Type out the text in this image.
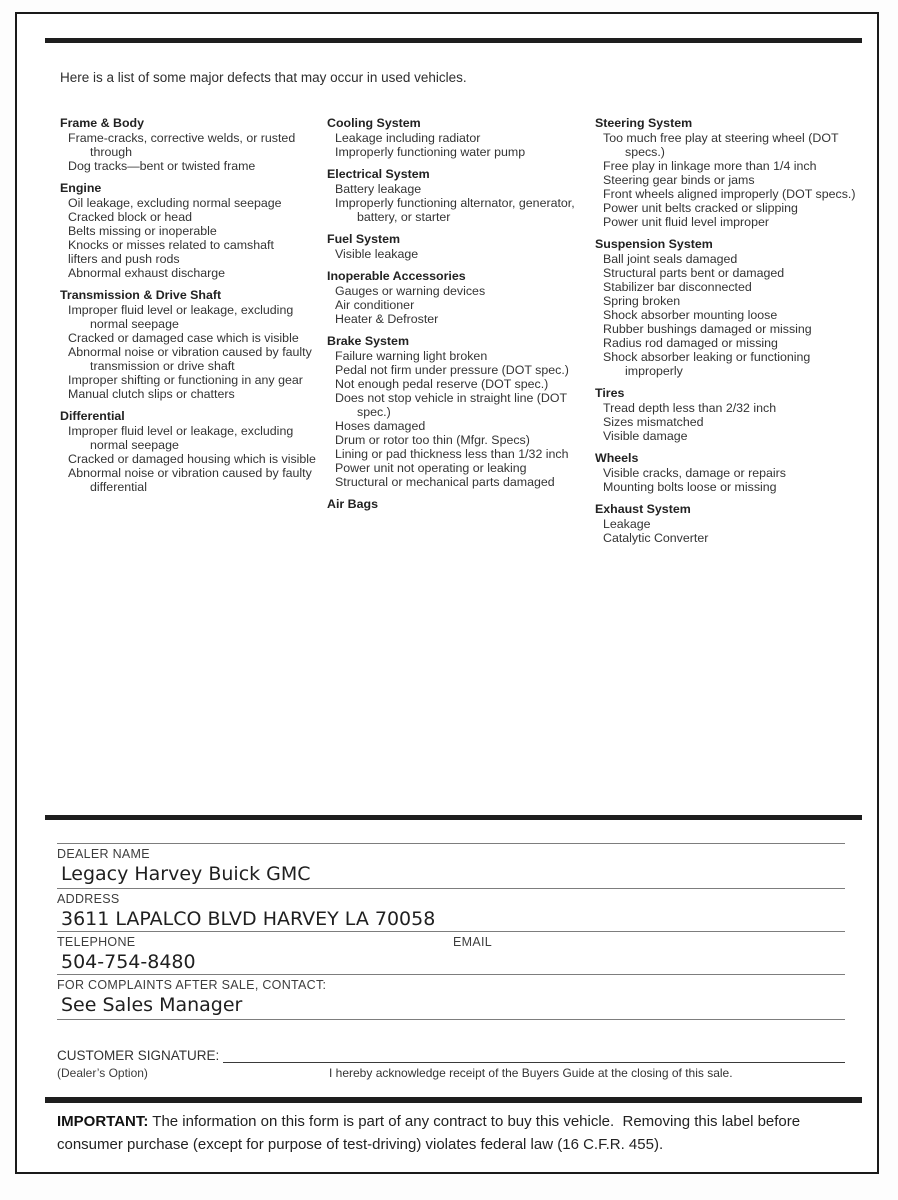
Here is a list of some major defects that may occur in used vehicles.
Frame & Body
Frame-cracks, corrective welds, or rusted through
Dog tracks—bent or twisted frame
Engine
Oil leakage, excluding normal seepage
Cracked block or head
Belts missing or inoperable
Knocks or misses related to camshaft
lifters and push rods
Abnormal exhaust discharge
Transmission & Drive Shaft
Improper fluid level or leakage, excluding normal seepage
Cracked or damaged case which is visible
Abnormal noise or vibration caused by faulty transmission or drive shaft
Improper shifting or functioning in any gear
Manual clutch slips or chatters
Differential
Improper fluid level or leakage, excluding normal seepage
Cracked or damaged housing which is visible
Abnormal noise or vibration caused by faulty differential
Cooling System
Leakage including radiator
Improperly functioning water pump
Electrical System
Battery leakage
Improperly functioning alternator, generator, battery, or starter
Fuel System
Visible leakage
Inoperable Accessories
Gauges or warning devices
Air conditioner
Heater & Defroster
Brake System
Failure warning light broken
Pedal not firm under pressure (DOT spec.)
Not enough pedal reserve (DOT spec.)
Does not stop vehicle in straight line (DOT spec.)
Hoses damaged
Drum or rotor too thin (Mfgr. Specs)
Lining or pad thickness less than 1/32 inch
Power unit not operating or leaking
Structural or mechanical parts damaged
Air Bags
Steering System
Too much free play at steering wheel (DOT specs.)
Free play in linkage more than 1/4 inch
Steering gear binds or jams
Front wheels aligned improperly (DOT specs.)
Power unit belts cracked or slipping
Power unit fluid level improper
Suspension System
Ball joint seals damaged
Structural parts bent or damaged
Stabilizer bar disconnected
Spring broken
Shock absorber mounting loose
Rubber bushings damaged or missing
Radius rod damaged or missing
Shock absorber leaking or functioning improperly
Tires
Tread depth less than 2/32 inch
Sizes mismatched
Visible damage
Wheels
Visible cracks, damage or repairs
Mounting bolts loose or missing
Exhaust System
Leakage
Catalytic Converter
DEALER NAME
Legacy Harvey Buick GMC
ADDRESS
3611 LAPALCO BLVD HARVEY LA 70058
TELEPHONE	EMAIL
504-754-8480
FOR COMPLAINTS AFTER SALE, CONTACT:
See Sales Manager
CUSTOMER SIGNATURE:
(Dealer’s Option)	I hereby acknowledge receipt of the Buyers Guide at the closing of this sale.
IMPORTANT: The information on this form is part of any contract to buy this vehicle.  Removing this label before consumer purchase (except for purpose of test-driving) violates federal law (16 C.F.R. 455).
